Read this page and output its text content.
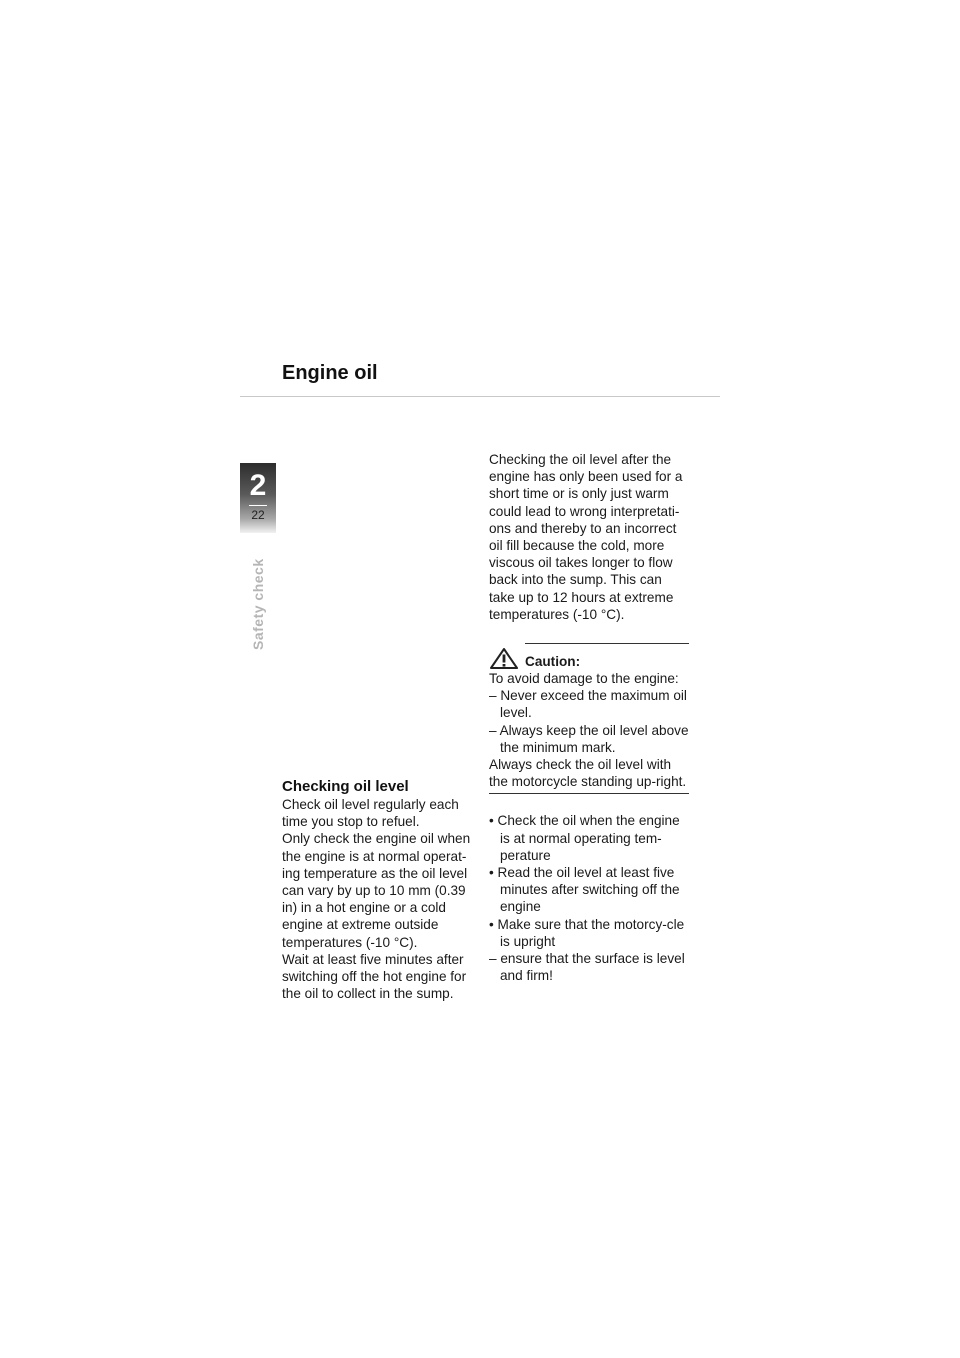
Engine oil
2
22
Safety check

Checking oil level

Check oil level regularly each time you stop to refuel.

Only check the engine oil when the engine is at normal operat-ing temperature as the oil level can vary by up to 10 mm (0.39 in) in a hot engine or a cold engine at extreme outside temperatures (-10 °C).

Wait at least five minutes after switching off the hot engine for the oil to collect in the sump.

Checking the oil level after the engine has only been used for a short time or is only just warm could lead to wrong interpretati-ons and thereby to an incorrect oil fill because the cold, more viscous oil takes longer to flow back into the sump. This can take up to 12 hours at extreme temperatures (-10 °C).

Caution:

To avoid damage to the engine:

– Never exceed the maximum oil level.

– Always keep the oil level above the minimum mark.

Always check the oil level with the motorcycle standing up-right.

• Check the oil when the engine is at normal operating tem-perature

• Read the oil level at least five minutes after switching off the engine

• Make sure that the motorcy-cle is upright

– ensure that the surface is level and firm!
